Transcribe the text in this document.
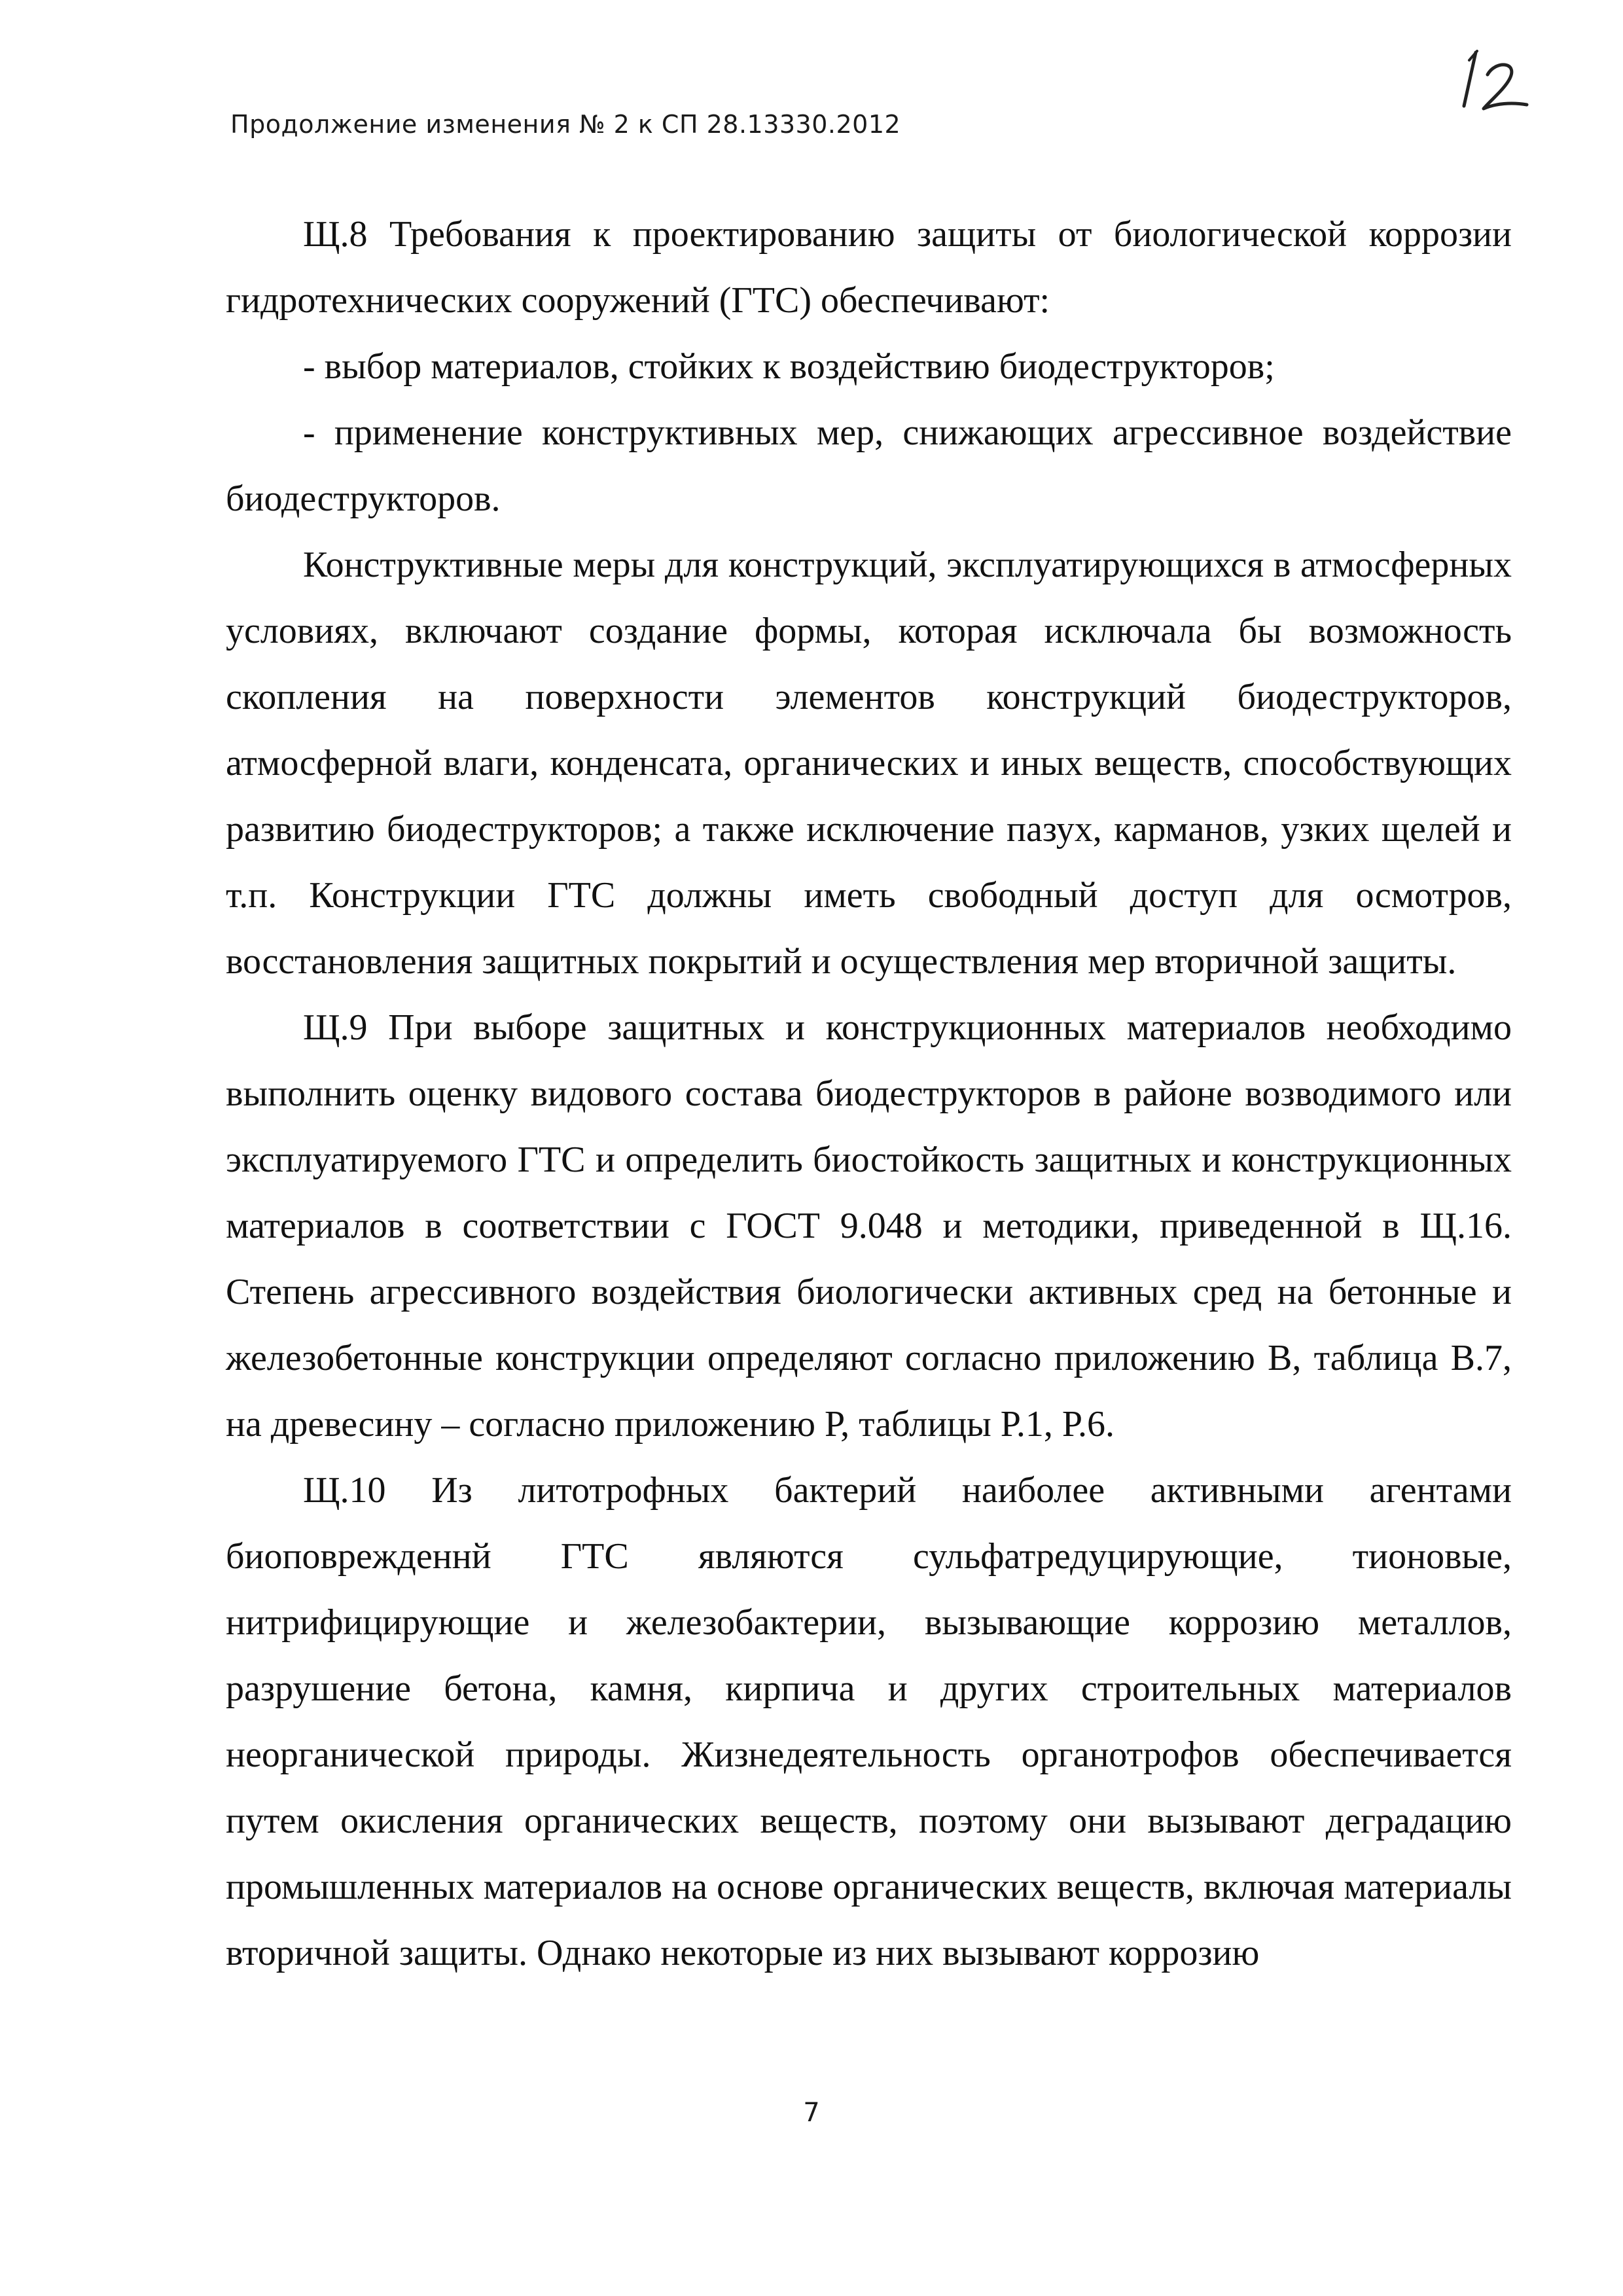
Продолжение изменения № 2 к СП 28.13330.2012

Щ.8 Требования к проектированию защиты от биологической коррозии гидротехнических сооружений (ГТС) обеспечивают:

- выбор материалов, стойких к воздействию биодеструкторов;

- применение конструктивных мер, снижающих агрессивное воздействие биодеструкторов.

Конструктивные меры для конструкций, эксплуатирующихся в атмосферных условиях, включают создание формы, которая исключала бы возможность скопления на поверхности элементов конструкций биодеструкторов, атмосферной влаги, конденсата, органических и иных веществ, способствующих развитию биодеструкторов; а также исключение пазух, карманов, узких щелей и т.п. Конструкции ГТС должны иметь свободный доступ для осмотров, восстановления защитных покрытий и осуществления мер вторичной защиты.

Щ.9 При выборе защитных и конструкционных материалов необходимо выполнить оценку видового состава биодеструкторов в районе возводимого или эксплуатируемого ГТС и определить биостойкость защитных и конструкционных материалов в соответствии с ГОСТ 9.048 и методики, приведенной в Щ.16. Степень агрессивного воздействия биологически активных сред на бетонные и железобетонные конструкции определяют согласно приложению В, таблица В.7, на древесину – согласно приложению Р, таблицы Р.1, Р.6.

Щ.10 Из литотрофных бактерий наиболее активными агентами биоповрежденнй ГТС являются сульфатредуцирующие, тионовые, нитрифицирующие и железобактерии, вызывающие коррозию металлов, разрушение бетона, камня, кирпича и других строительных материалов неорганической природы. Жизнедеятельность органотрофов обеспечивается путем окисления органических веществ, поэтому они вызывают деградацию промышленных материалов на основе органических веществ, включая материалы вторичной защиты. Однако некоторые из них вызывают коррозию

7
